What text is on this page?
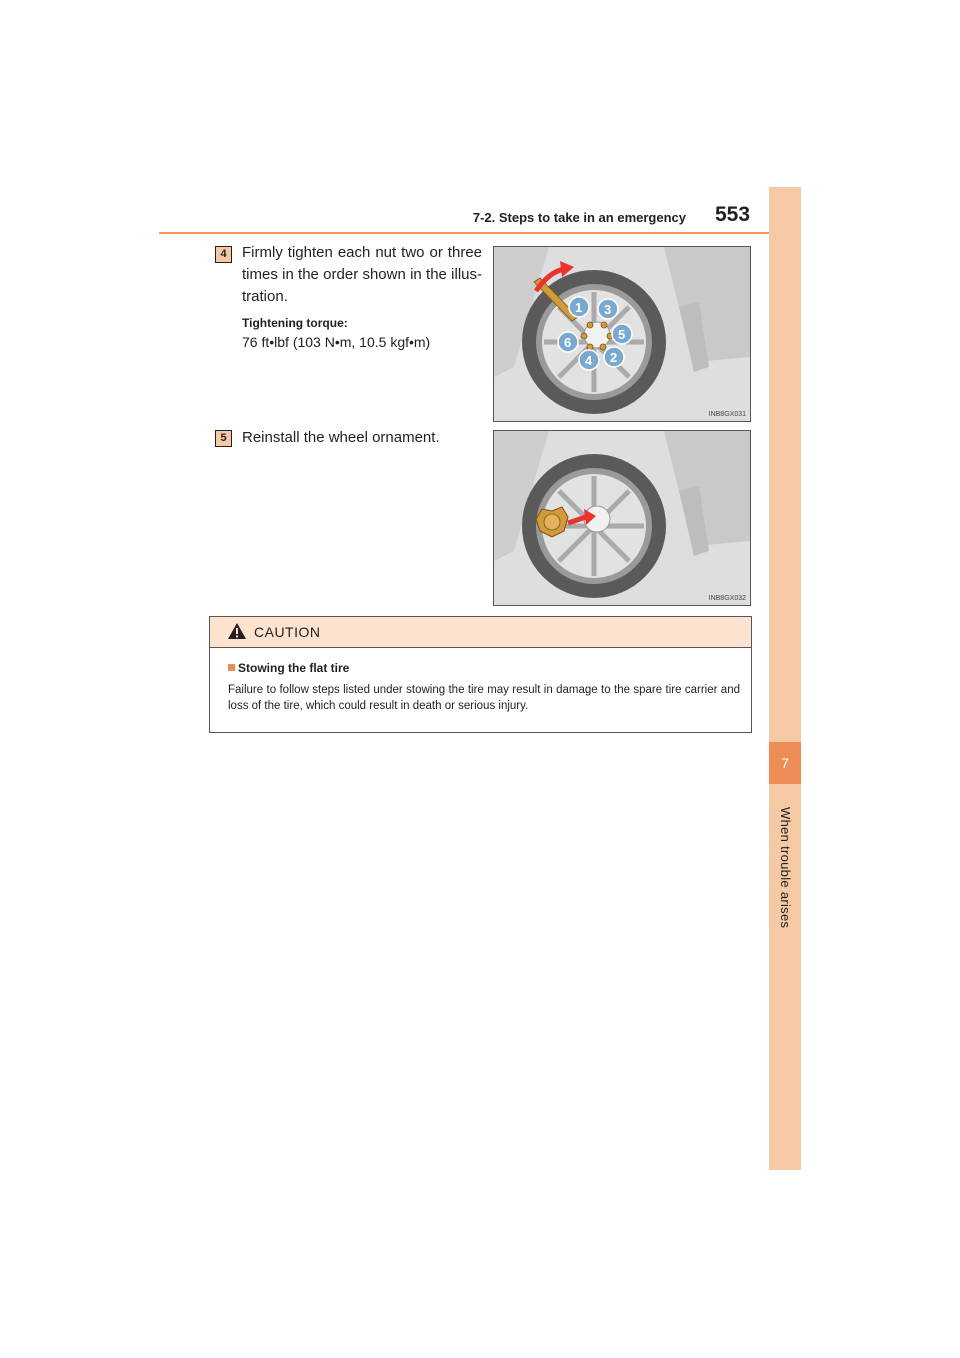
7-2. Steps to take in an emergency 553
7
When trouble arises
4	Firmly tighten each nut two or three times in the order shown in the illus-tration.
Tightening torque:
76 ft•lbf (103 N•m, 10.5 kgf•m)
1 3
5
2
4
6
INB8GX031
5	Reinstall the wheel ornament.
INB8GX032
CAUTION
Stowing the flat tire
Failure to follow steps listed under stowing the tire may result in damage to the spare tire carrier and loss of the tire, which could result in death or serious injury.
